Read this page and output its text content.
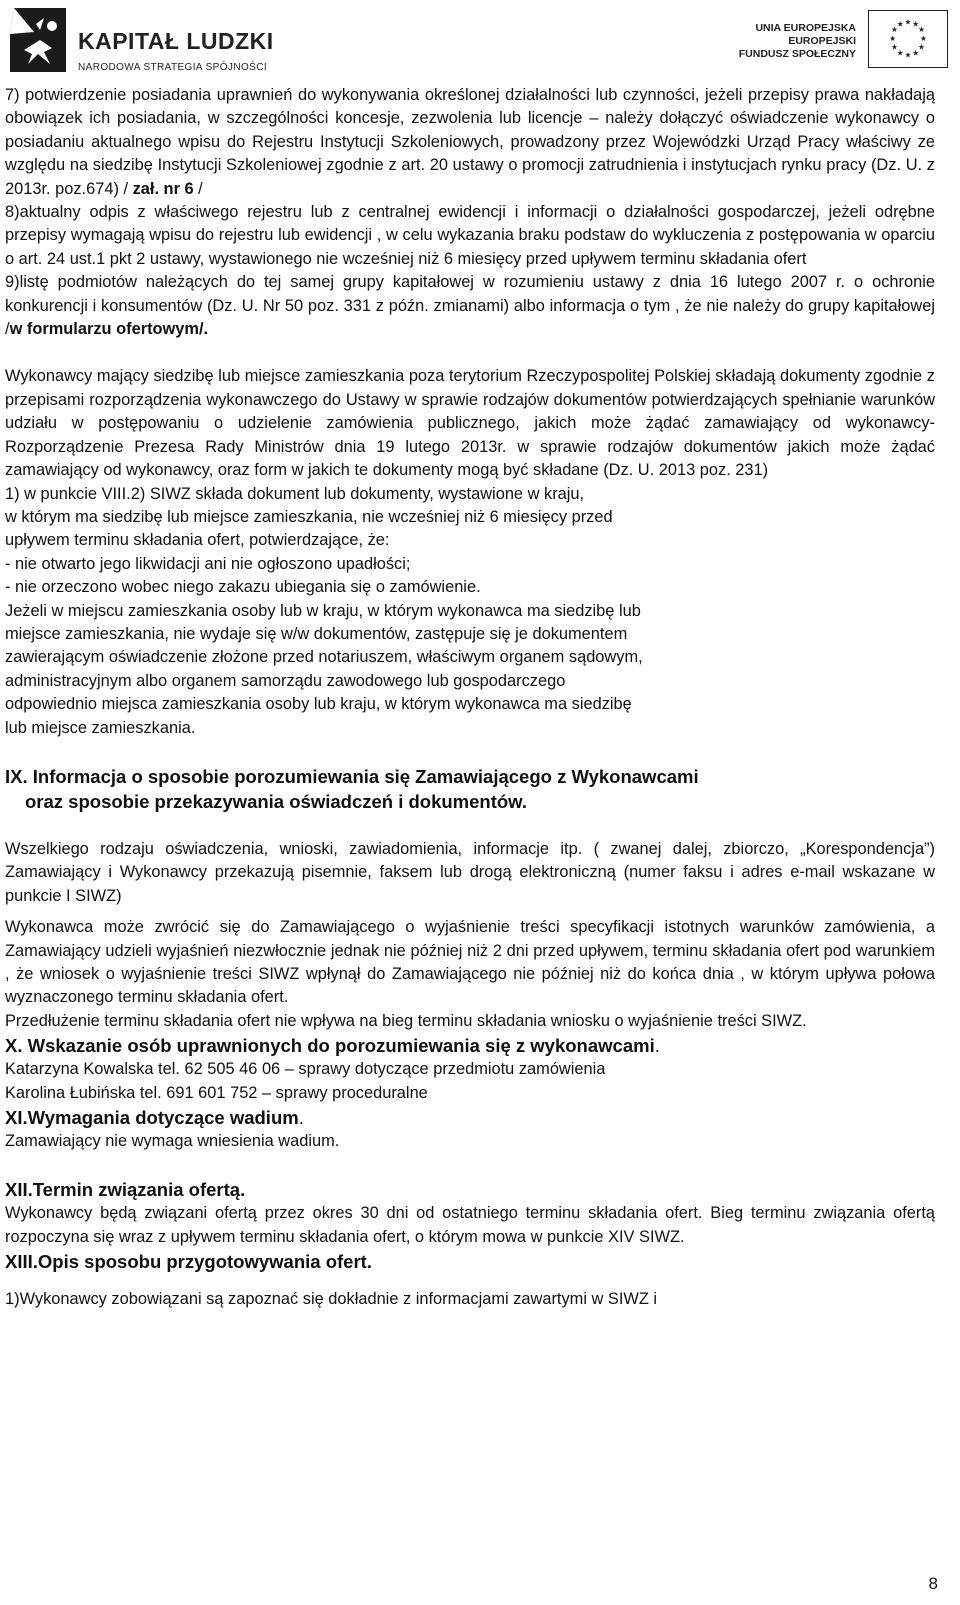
KAPITAŁ LUDZKI
NARODOWA STRATEGIA SPÓJNOŚCI
UNIA EUROPEJSKA
EUROPEJSKI
FUNDUSZ SPOŁECZNY
★ ★
★
★
★
★
★
★
★
★
★
★

7) potwierdzenie posiadania uprawnień do wykonywania określonej działalności lub czynności, jeżeli przepisy prawa nakładają obowiązek ich posiadania, w szczególności koncesje, zezwolenia lub licencje – należy dołączyć oświadczenie wykonawcy o posiadaniu aktualnego wpisu do Rejestru Instytucji Szkoleniowych, prowadzony przez Wojewódzki Urząd Pracy właściwy ze względu na siedzibę Instytucji Szkoleniowej zgodnie z art. 20 ustawy o promocji zatrudnienia i instytucjach rynku pracy (Dz. U. z 2013r. poz.674) / zał. nr 6 /

8)aktualny odpis z właściwego rejestru lub z centralnej ewidencji i informacji o działalności gospodarczej, jeżeli odrębne przepisy wymagają wpisu do rejestru lub ewidencji , w celu wykazania braku podstaw do wykluczenia z postępowania w oparciu o art. 24 ust.1 pkt 2 ustawy, wystawionego nie wcześniej niż 6 miesięcy przed upływem terminu składania ofert

9)listę podmiotów należących do tej samej grupy kapitałowej w rozumieniu ustawy z dnia 16 lutego 2007 r. o ochronie konkurencji i konsumentów (Dz. U. Nr 50 poz. 331 z późn. zmianami) albo informacja o tym , że nie należy do grupy kapitałowej /w formularzu ofertowym/.

Wykonawcy mający siedzibę lub miejsce zamieszkania poza terytorium Rzeczypospolitej Polskiej składają dokumenty zgodnie z przepisami rozporządzenia wykonawczego do Ustawy w sprawie rodzajów dokumentów potwierdzających spełnianie warunków udziału w postępowaniu o udzielenie zamówienia publicznego, jakich może żądać zamawiający od wykonawcy- Rozporządzenie Prezesa Rady Ministrów dnia 19 lutego 2013r. w sprawie rodzajów dokumentów jakich może żądać zamawiający od wykonawcy, oraz form w jakich te dokumenty mogą być składane (Dz. U. 2013 poz. 231)

1) w punkcie VIII.2) SIWZ składa dokument lub dokumenty, wystawione w kraju,
w którym ma siedzibę lub miejsce zamieszkania, nie wcześniej niż 6 miesięcy przed
upływem terminu składania ofert, potwierdzające, że:
- nie otwarto jego likwidacji ani nie ogłoszono upadłości;
- nie orzeczono wobec niego zakazu ubiegania się o zamówienie.
Jeżeli w miejscu zamieszkania osoby lub w kraju, w którym wykonawca ma siedzibę lub
miejsce zamieszkania, nie wydaje się w/w dokumentów, zastępuje się je dokumentem
zawierającym oświadczenie złożone przed notariuszem, właściwym organem sądowym,
administracyjnym albo organem samorządu zawodowego lub gospodarczego
odpowiednio miejsca zamieszkania osoby lub kraju, w którym wykonawca ma siedzibę
lub miejsce zamieszkania.
IX. Informacja o sposobie porozumiewania się Zamawiającego z Wykonawcami
oraz sposobie przekazywania oświadczeń i dokumentów.

Wszelkiego rodzaju oświadczenia, wnioski, zawiadomienia, informacje itp. ( zwanej dalej, zbiorczo, „Korespondencja”) Zamawiający i Wykonawcy przekazują pisemnie, faksem lub drogą elektroniczną (numer faksu i adres e-mail wskazane w punkcie I SIWZ)

Wykonawca może zwrócić się do Zamawiającego o wyjaśnienie treści specyfikacji istotnych warunków zamówienia, a Zamawiający udzieli wyjaśnień niezwłocznie jednak nie później niż 2 dni przed upływem, terminu składania ofert pod warunkiem , że wniosek o wyjaśnienie treści SIWZ wpłynął do Zamawiającego nie później niż do końca dnia , w którym upływa połowa wyznaczonego terminu składania ofert.

Przedłużenie terminu składania ofert nie wpływa na bieg terminu składania wniosku o wyjaśnienie treści SIWZ.

X. Wskazanie osób uprawnionych do porozumiewania się z wykonawcami.
Katarzyna Kowalska tel. 62 505 46 06 – sprawy dotyczące przedmiotu zamówienia
Karolina Łubińska tel. 691 601 752 – sprawy proceduralne
XI.Wymagania dotyczące wadium.
Zamawiający nie wymaga wniesienia wadium.
XII.Termin związania ofertą.

Wykonawcy będą związani ofertą przez okres 30 dni od ostatniego terminu składania ofert. Bieg terminu związania ofertą rozpoczyna się wraz z upływem terminu składania ofert, o którym mowa w punkcie XIV SIWZ.

XIII.Opis sposobu przygotowywania ofert.

1)Wykonawcy zobowiązani są zapoznać się dokładnie z informacjami zawartymi w SIWZ i

8
